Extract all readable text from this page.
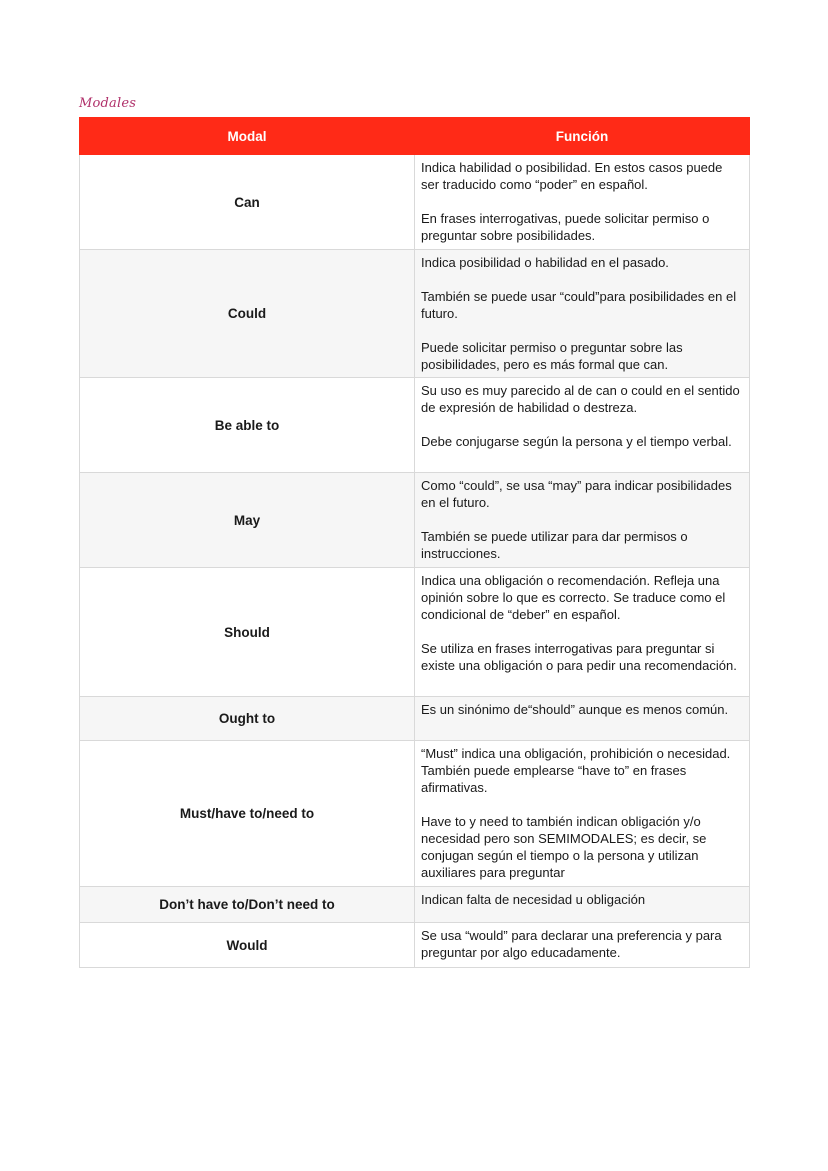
Modales
Modal	Función
Can	Indica habilidad o posibilidad. En estos casos puede ser traducido como “poder” en español.

En frases interrogativas, puede solicitar permiso o preguntar sobre posibilidades.
Could	Indica posibilidad o habilidad en el pasado.

También se puede usar “could”para posibilidades en el futuro.

Puede solicitar permiso o preguntar sobre las posibilidades, pero es más formal que can.
Be able to	Su uso es muy parecido al de can o could en el sentido de expresión de habilidad o destreza.

Debe conjugarse según la persona y el tiempo verbal.
May	Como “could”, se usa “may” para indicar posibilidades en el futuro.

También se puede utilizar para dar permisos o instrucciones.
Should	Indica una obligación o recomendación. Refleja una opinión sobre lo que es correcto. Se traduce como el condicional de “deber” en español.

Se utiliza en frases interrogativas para preguntar si existe una obligación o para pedir una recomendación.
Ought to	Es un sinónimo de“should” aunque es menos común.
Must/have to/need to	“Must” indica una obligación, prohibición o necesidad. También puede emplearse “have to” en frases afirmativas.

Have to y need to también indican obligación y/o necesidad pero son SEMIMODALES; es decir, se conjugan según el tiempo o la persona y utilizan auxiliares para preguntar
Don’t have to/Don’t need to	Indican falta de necesidad u obligación
Would	Se usa “would” para declarar una preferencia y para preguntar por algo educadamente.
